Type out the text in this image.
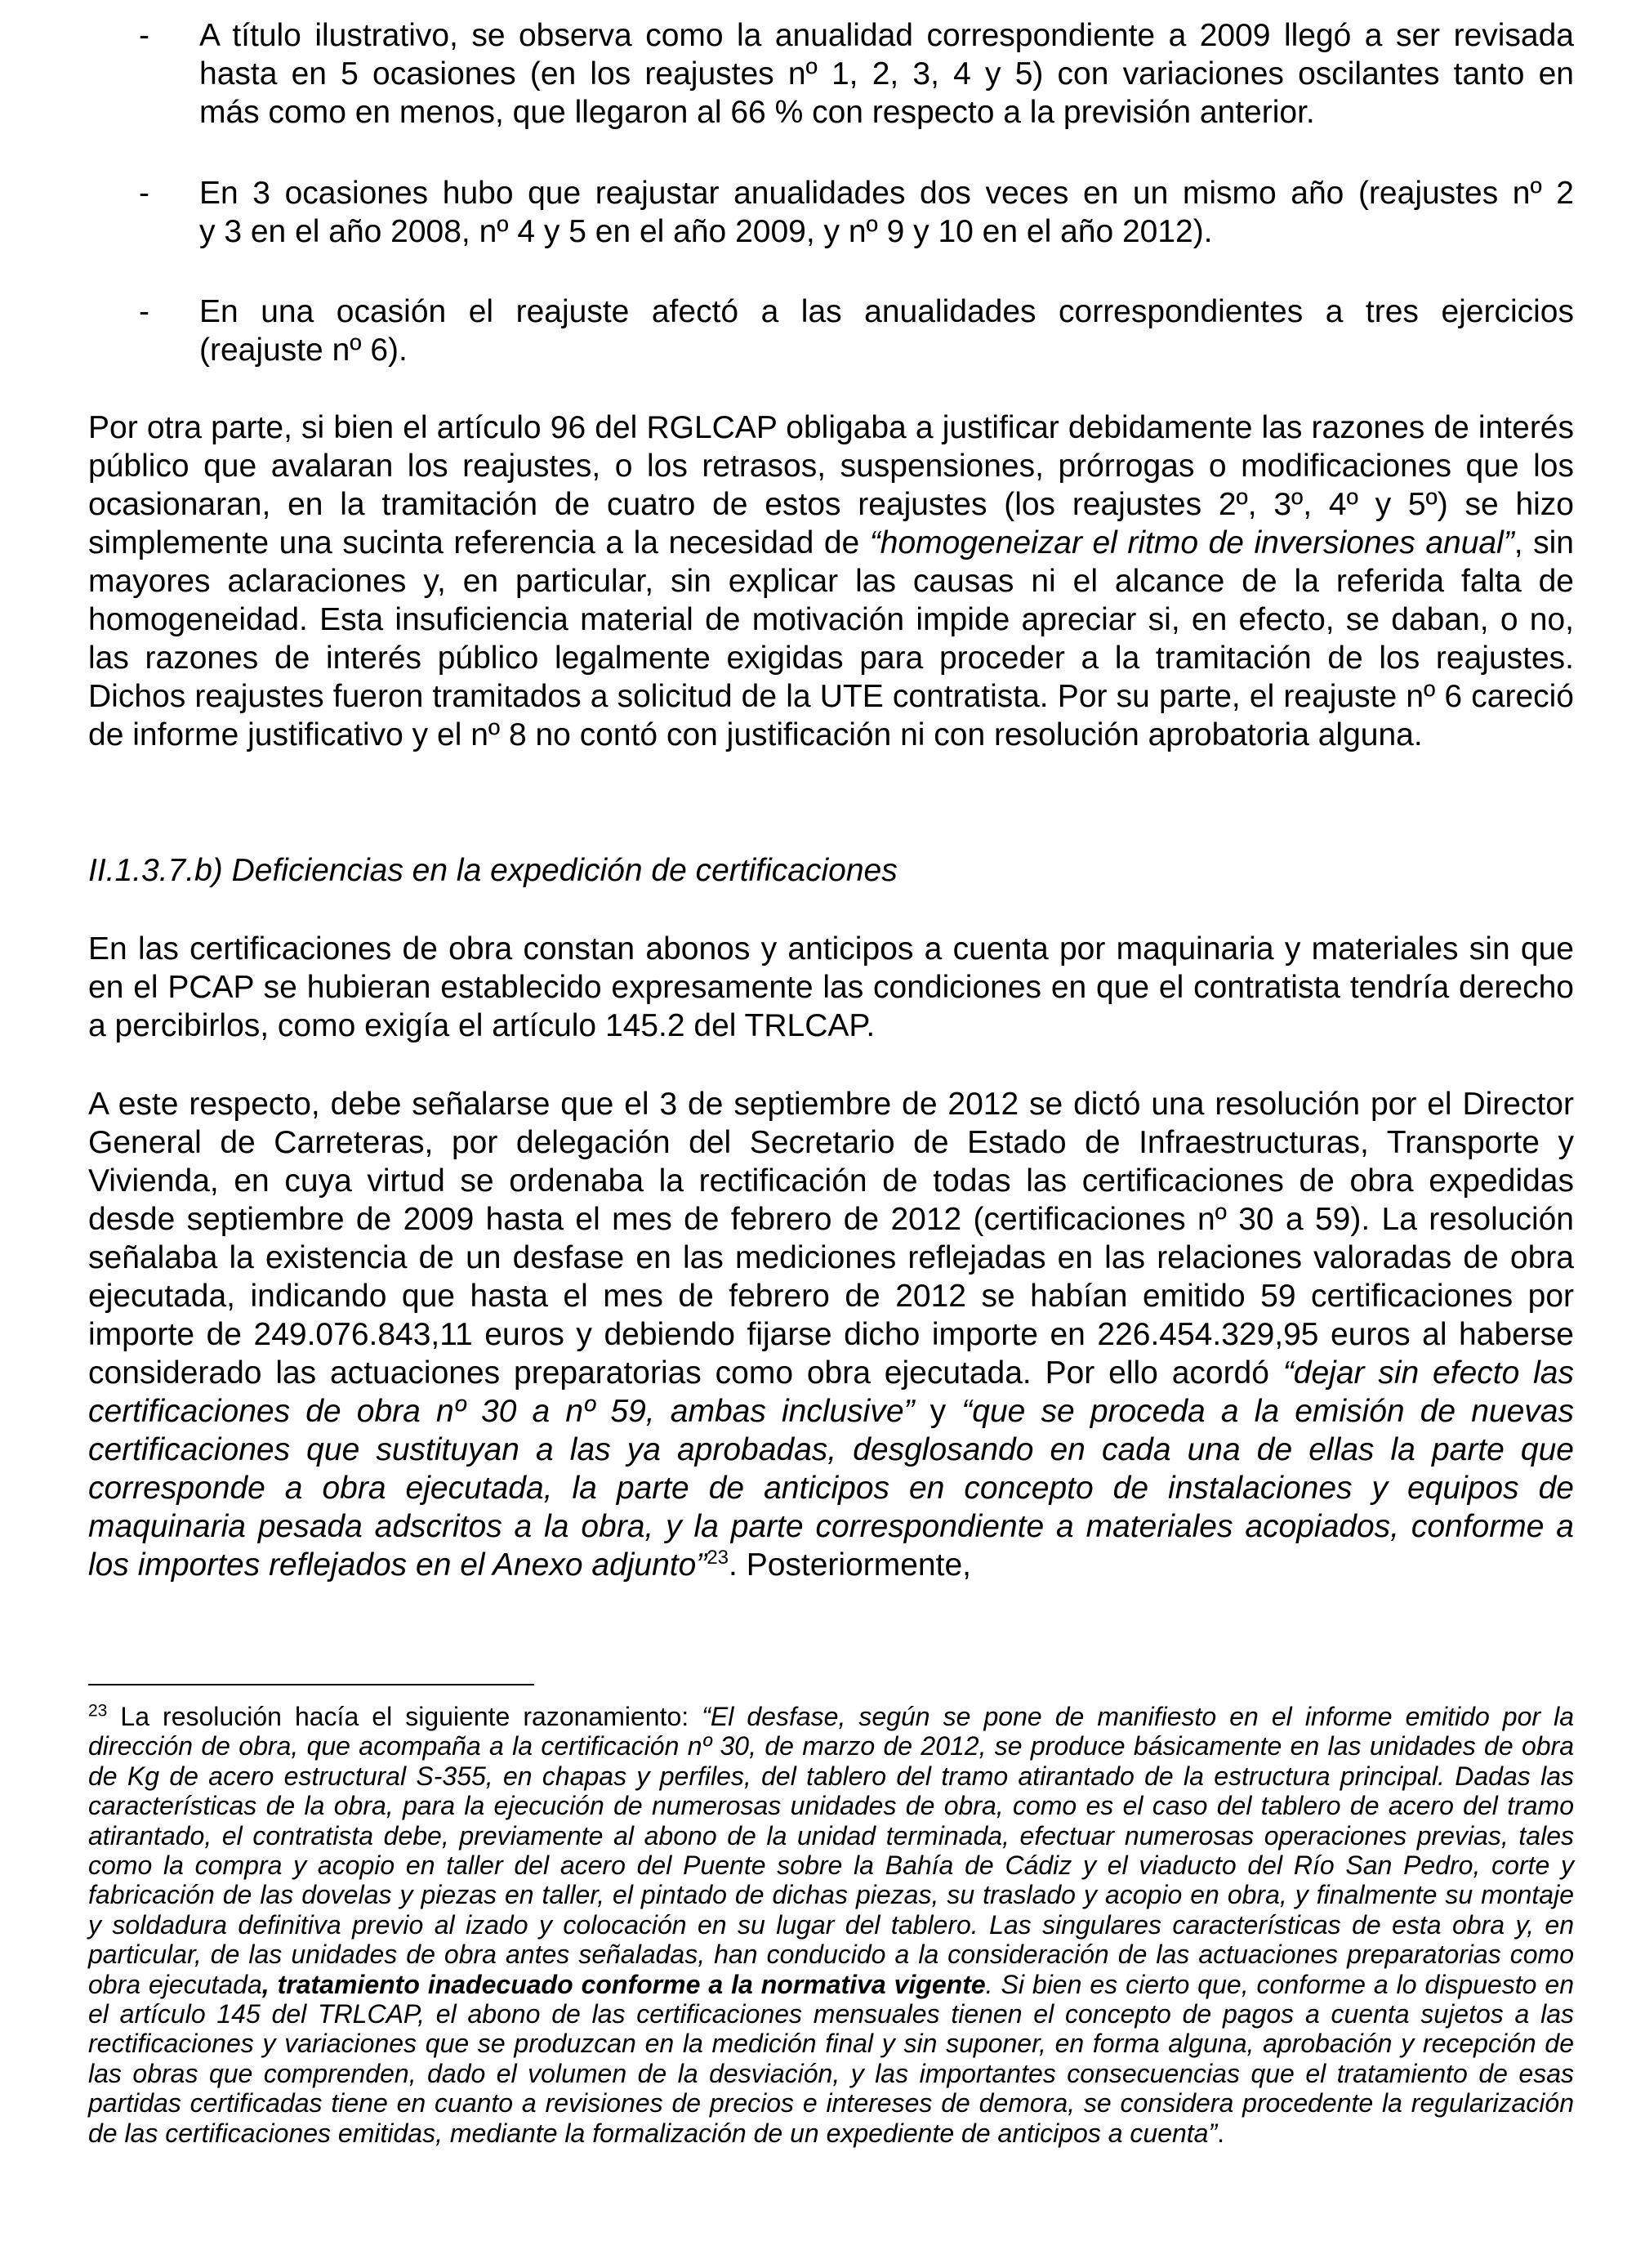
- A título ilustrativo, se observa como la anualidad correspondiente a 2009 llegó a ser revisada
hasta en 5 ocasiones (en los reajustes nº 1, 2, 3, 4 y 5) con variaciones oscilantes tanto en
más como en menos, que llegaron al 66 % con respecto a la previsión anterior.
- En 3 ocasiones hubo que reajustar anualidades dos veces en un mismo año (reajustes nº 2
y 3 en el año 2008, nº 4 y 5 en el año 2009, y nº 9 y 10 en el año 2012).
- En una ocasión el reajuste afectó a las anualidades correspondientes a tres ejercicios
(reajuste nº 6).
Por otra parte, si bien el artículo 96 del RGLCAP obligaba a justificar debidamente las razones de interés público que avalaran los reajustes, o los retrasos, suspensiones, prórrogas o modificaciones que los ocasionaran, en la tramitación de cuatro de estos reajustes (los reajustes 2º, 3º, 4º y 5º) se hizo simplemente una sucinta referencia a la necesidad de “homogeneizar el ritmo de inversiones anual”, sin mayores aclaraciones y, en particular, sin explicar las causas ni el alcance de la referida falta de homogeneidad. Esta insuficiencia material de motivación impide apreciar si, en efecto, se daban, o no, las razones de interés público legalmente exigidas para proceder a la tramitación de los reajustes. Dichos reajustes fueron tramitados a solicitud de la UTE contratista. Por su parte, el reajuste nº 6 careció de informe justificativo y el nº 8 no contó con justificación ni con resolución aprobatoria alguna.
II.1.3.7.b) Deficiencias en la expedición de certificaciones
En las certificaciones de obra constan abonos y anticipos a cuenta por maquinaria y materiales sin que en el PCAP se hubieran establecido expresamente las condiciones en que el contratista tendría derecho a percibirlos, como exigía el artículo 145.2 del TRLCAP.
A este respecto, debe señalarse que el 3 de septiembre de 2012 se dictó una resolución por el Director General de Carreteras, por delegación del Secretario de Estado de Infraestructuras, Transporte y Vivienda, en cuya virtud se ordenaba la rectificación de todas las certificaciones de obra expedidas desde septiembre de 2009 hasta el mes de febrero de 2012 (certificaciones nº 30 a 59). La resolución señalaba la existencia de un desfase en las mediciones reflejadas en las relaciones valoradas de obra ejecutada, indicando que hasta el mes de febrero de 2012 se habían emitido 59 certificaciones por importe de 249.076.843,11 euros y debiendo fijarse dicho importe en 226.454.329,95 euros al haberse considerado las actuaciones preparatorias como obra ejecutada. Por ello acordó “dejar sin efecto las certificaciones de obra nº 30 a nº 59, ambas inclusive” y “que se proceda a la emisión de nuevas certificaciones que sustituyan a las ya aprobadas, desglosando en cada una de ellas la parte que corresponde a obra ejecutada, la parte de anticipos en concepto de instalaciones y equipos de maquinaria pesada adscritos a la obra, y la parte correspondiente a materiales acopiados, conforme a los importes reflejados en el Anexo adjunto”$^{23}$. Posteriormente,
$^{23}$ La resolución hacía el siguiente razonamiento: “El desfase, según se pone de manifiesto en el informe emitido por la dirección de obra, que acompaña a la certificación nº 30, de marzo de 2012, se produce básicamente en las unidades de obra de Kg de acero estructural S-355, en chapas y perfiles, del tablero del tramo atirantado de la estructura principal. Dadas las características de la obra, para la ejecución de numerosas unidades de obra, como es el caso del tablero de acero del tramo atirantado, el contratista debe, previamente al abono de la unidad terminada, efectuar numerosas operaciones previas, tales como la compra y acopio en taller del acero del Puente sobre la Bahía de Cádiz y el viaducto del Río San Pedro, corte y fabricación de las dovelas y piezas en taller, el pintado de dichas piezas, su traslado y acopio en obra, y finalmente su montaje y soldadura definitiva previo al izado y colocación en su lugar del tablero. Las singulares características de esta obra y, en particular, de las unidades de obra antes señaladas, han conducido a la consideración de las actuaciones preparatorias como obra ejecutada, tratamiento inadecuado conforme a la normativa vigente. Si bien es cierto que, conforme a lo dispuesto en el artículo 145 del TRLCAP, el abono de las certificaciones mensuales tienen el concepto de pagos a cuenta sujetos a las rectificaciones y variaciones que se produzcan en la medición final y sin suponer, en forma alguna, aprobación y recepción de las obras que comprenden, dado el volumen de la desviación, y las importantes consecuencias que el tratamiento de esas partidas certificadas tiene en cuanto a revisiones de precios e intereses de demora, se considera procedente la regularización de las certificaciones emitidas, mediante la formalización de un expediente de anticipos a cuenta”.
